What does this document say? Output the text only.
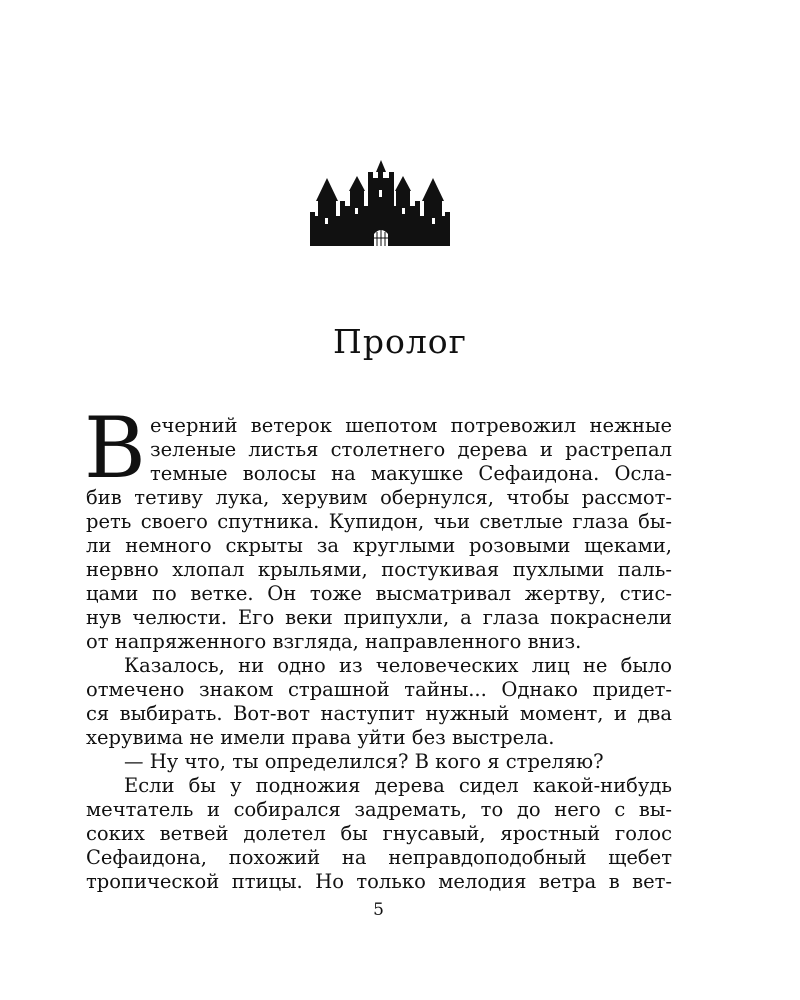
Пролог
В ечерний ветерок шепотом потревожил нежные
зеленые листья столетнего дерева и растрепал
темные волосы на макушке Сефаидона. Осла-
бив тетиву лука, херувим обернулся, чтобы рассмот-
реть своего спутника. Купидон, чьи светлые глаза бы-
ли немного скрыты за круглыми розовыми щеками,
нервно хлопал крыльями, постукивая пухлыми паль-
цами по ветке. Он тоже высматривал жертву, стис-
нув челюсти. Его веки припухли, а глаза покраснели
от напряженного взгляда, направленного вниз.
Казалось, ни одно из человеческих лиц не было
отмечено знаком страшной тайны... Однако придет-
ся выбирать. Вот-вот наступит нужный момент, и два
херувима не имели права уйти без выстрела.
— Ну что, ты определился? В кого я стреляю?
Если бы у подножия дерева сидел какой-нибудь
мечтатель и собирался задремать, то до него с вы-
соких ветвей долетел бы гнусавый, яростный голос
Сефаидона, похожий на неправдоподобный щебет
тропической птицы. Но только мелодия ветра в вет-
5
